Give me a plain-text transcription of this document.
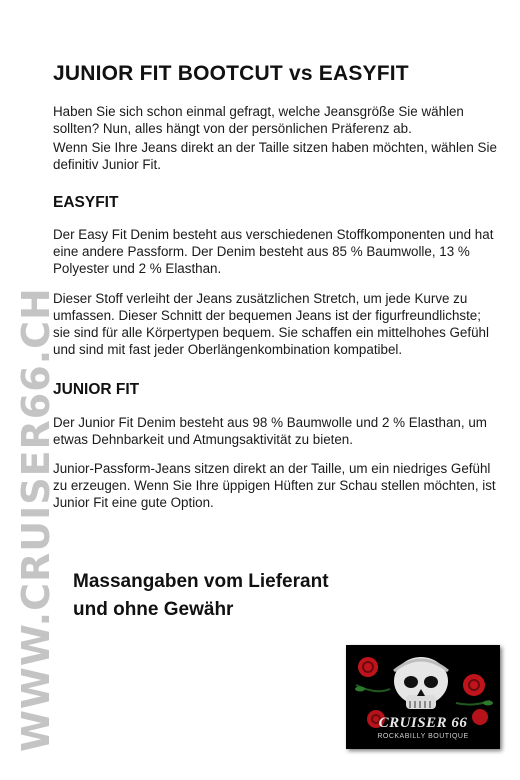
WWW.CRUISER66.CH
JUNIOR FIT BOOTCUT vs EASYFIT

Haben Sie sich schon einmal gefragt, welche Jeansgröße Sie wählen sollten? Nun, alles hängt von der persönlichen Präferenz ab.

Wenn Sie Ihre Jeans direkt an der Taille sitzen haben möchten, wählen Sie definitiv Junior Fit.

EASYFIT

Der Easy Fit Denim besteht aus verschiedenen Stoffkomponenten und hat eine andere Passform. Der Denim besteht aus 85 % Baumwolle, 13 % Polyester und 2 % Elasthan.

Dieser Stoff verleiht der Jeans zusätzlichen Stretch, um jede Kurve zu umfassen. Dieser Schnitt der bequemen Jeans ist der figurfreundlichste; sie sind für alle Körpertypen bequem. Sie schaffen ein mittelhohes Gefühl und sind mit fast jeder Oberlängenkombination kompatibel.

JUNIOR FIT

Der Junior Fit Denim besteht aus 98 % Baumwolle und 2 % Elasthan, um etwas Dehnbarkeit und Atmungsaktivität zu bieten.

Junior-Passform-Jeans sitzen direkt an der Taille, um ein niedriges Gefühl zu erzeugen. Wenn Sie Ihre üppigen Hüften zur Schau stellen möchten, ist Junior Fit eine gute Option.

Massangaben vom Lieferant
und ohne Gewähr
CRUISER 66
ROCKABILLY BOUTIQUE
